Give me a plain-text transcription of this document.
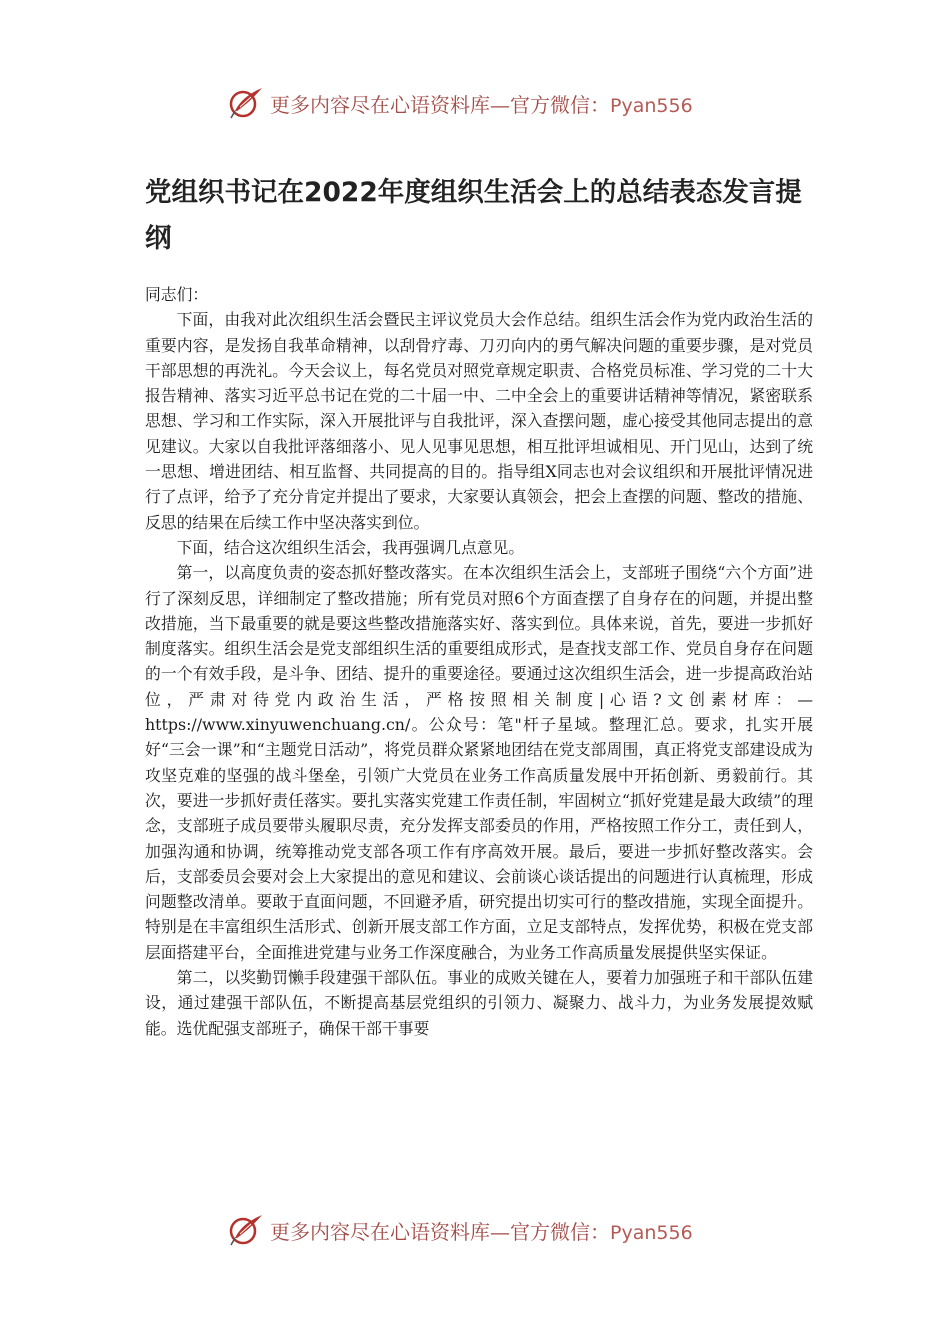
更多内容尽在心语资料库—官方微信：Pyan556
党组织书记在2022年度组织生活会上的总结表态发言提纲

同志们：

下面，由我对此次组织生活会暨民主评议党员大会作总结。组织生活会作为党内政治生活的重要内容，是发扬自我革命精神，以刮骨疗毒、刀刃向内的勇气解决问题的重要步骤，是对党员干部思想的再洗礼。今天会议上，每名党员对照党章规定职责、合格党员标准、学习党的二十大报告精神、落实习近平总书记在党的二十届一中、二中全会上的重要讲话精神等情况，紧密联系思想、学习和工作实际，深入开展批评与自我批评，深入查摆问题，虚心接受其他同志提出的意见建议。大家以自我批评落细落小、见人见事见思想，相互批评坦诚相见、开门见山，达到了统一思想、增进团结、相互监督、共同提高的目的。指导组X同志也对会议组织和开展批评情况进行了点评，给予了充分肯定并提出了要求，大家要认真领会，把会上查摆的问题、整改的措施、反思的结果在后续工作中坚决落实到位。

下面，结合这次组织生活会，我再强调几点意见。

第一，以高度负责的姿态抓好整改落实。在本次组织生活会上，支部班子围绕“六个方面”进行了深刻反思，详细制定了整改措施；所有党员对照6个方面查摆了自身存在的问题，并提出整改措施，当下最重要的就是要这些整改措施落实好、落实到位。具体来说，首先，要进一步抓好制度落实。组织生活会是党支部组织生活的重要组成形式，是查找支部工作、党员自身存在问题的一个有效手段，是斗争、团结、提升的重要途径。要通过这次组织生活会，进一步提高政治站位，严肃对待党内政治生活，严格按照相关制度|心语?文创素材库：—https://www.xinyuwenchuang.cn/。公众号：笔"杆子星域。整理汇总。要求，扎实开展好“三会一课”和“主题党日活动”，将党员群众紧紧地团结在党支部周围，真正将党支部建设成为攻坚克难的坚强的战斗堡垒，引领广大党员在业务工作高质量发展中开拓创新、勇毅前行。其次，要进一步抓好责任落实。要扎实落实党建工作责任制，牢固树立“抓好党建是最大政绩”的理念，支部班子成员要带头履职尽责，充分发挥支部委员的作用，严格按照工作分工，责任到人，加强沟通和协调，统筹推动党支部各项工作有序高效开展。最后，要进一步抓好整改落实。会后，支部委员会要对会上大家提出的意见和建议、会前谈心谈话提出的问题进行认真梳理，形成问题整改清单。要敢于直面问题，不回避矛盾，研究提出切实可行的整改措施，实现全面提升。特别是在丰富组织生活形式、创新开展支部工作方面，立足支部特点，发挥优势，积极在党支部层面搭建平台，全面推进党建与业务工作深度融合，为业务工作高质量发展提供坚实保证。

第二，以奖勤罚懒手段建强干部队伍。事业的成败关键在人，要着力加强班子和干部队伍建设，通过建强干部队伍，不断提高基层党组织的引领力、凝聚力、战斗力，为业务发展提效赋能。选优配强支部班子，确保干部干事要

更多内容尽在心语资料库—官方微信：Pyan556
